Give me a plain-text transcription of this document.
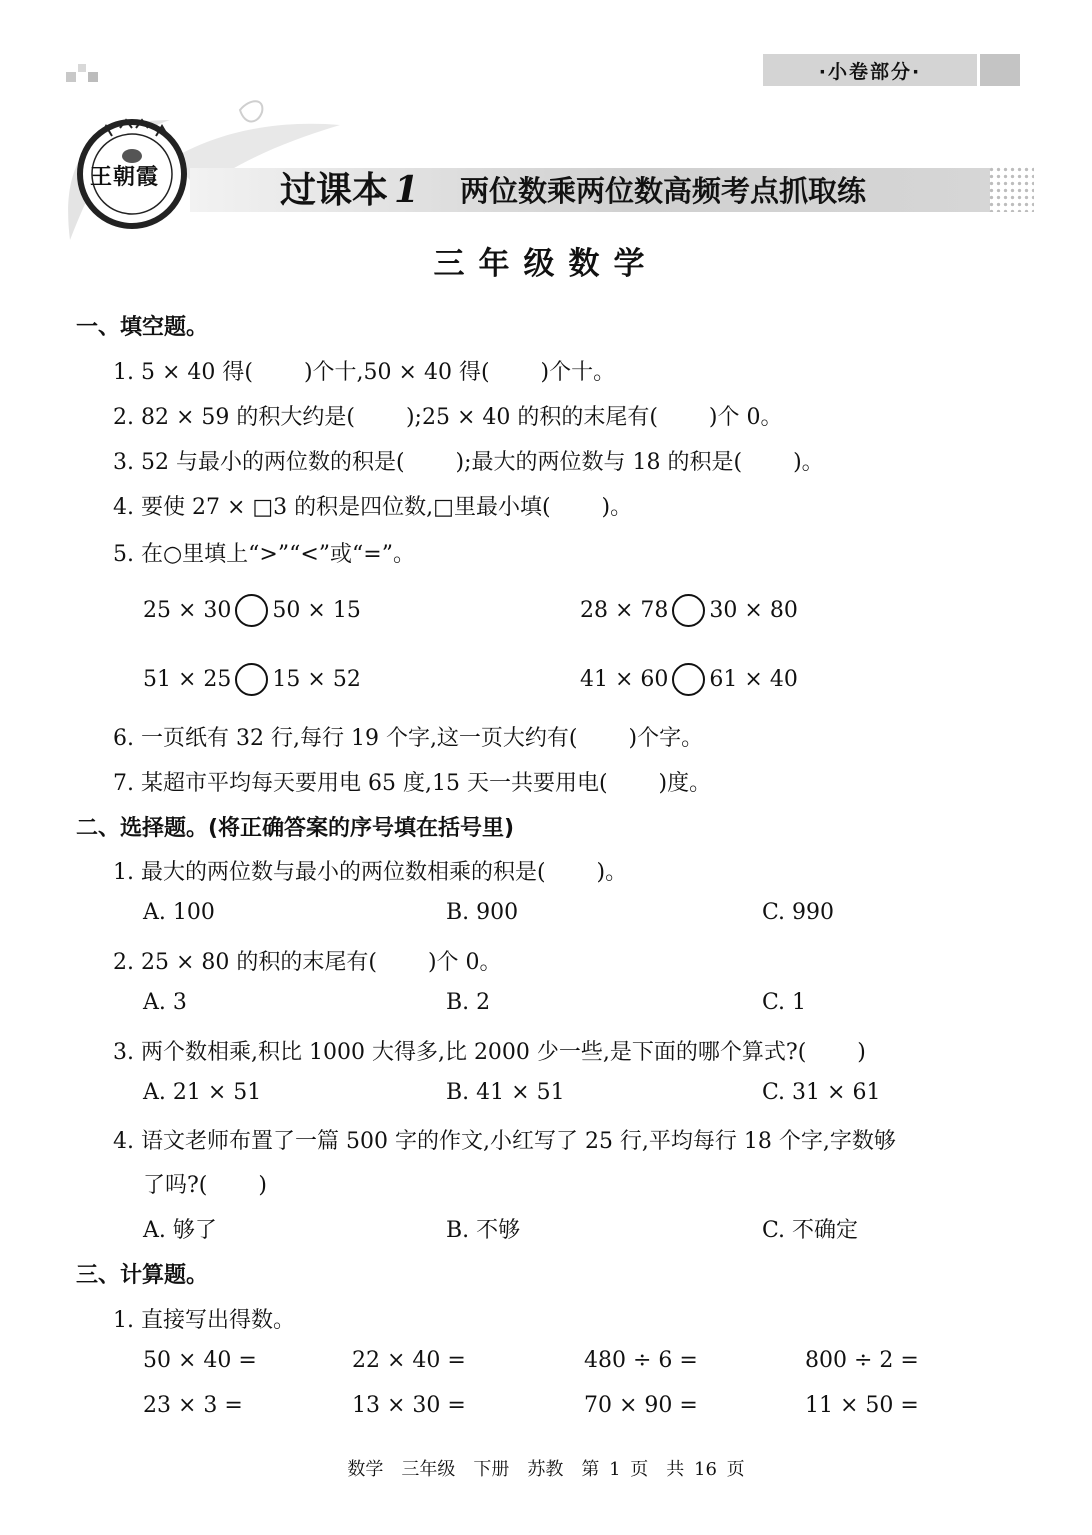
·小卷部分·
王朝霞	过课本 1 两位数乘两位数高频考点抓取练
三年级数学
一、填空题。
1. 5 × 40 得(　　 )个十,50 × 40 得(　　 )个十。
2. 82 × 59 的积大约是(　　 );25 × 40 的积的末尾有(　　 )个 0。
3. 52 与最小的两位数的积是(　　 );最大的两位数与 18 的积是(　　 )。
4. 要使 27 × □3 的积是四位数,□里最小填(　　 )。
5. 在○里填上“>”“<”或“=”。
25 × 30 50 × 15	28 × 78 30 × 80
51 × 25 15 × 52	41 × 60 61 × 40
6. 一页纸有 32 行,每行 19 个字,这一页大约有(　　 )个字。
7. 某超市平均每天要用电 65 度,15 天一共要用电(　　 )度。
二、选择题。(将正确答案的序号填在括号里)
1. 最大的两位数与最小的两位数相乘的积是(　　 )。
A. 100	B. 900	C. 990
2. 25 × 80 的积的末尾有(　　 )个 0。
A. 3	B. 2	C. 1
3. 两个数相乘,积比 1000 大得多,比 2000 少一些,是下面的哪个算式?(　　 )
A. 21 × 51	B. 41 × 51	C. 31 × 61
4. 语文老师布置了一篇 500 字的作文,小红写了 25 行,平均每行 18 个字,字数够
了吗?(　　 )
A. 够了	B. 不够	C. 不确定
三、计算题。
1. 直接写出得数。
50 × 40 =	22 × 40 =	480 ÷ 6 =	800 ÷ 2 =
23 × 3 =	13 × 30 =	70 × 90 =	11 × 50 =
数学　三年级　下册　苏教　第 1 页　共 16 页
